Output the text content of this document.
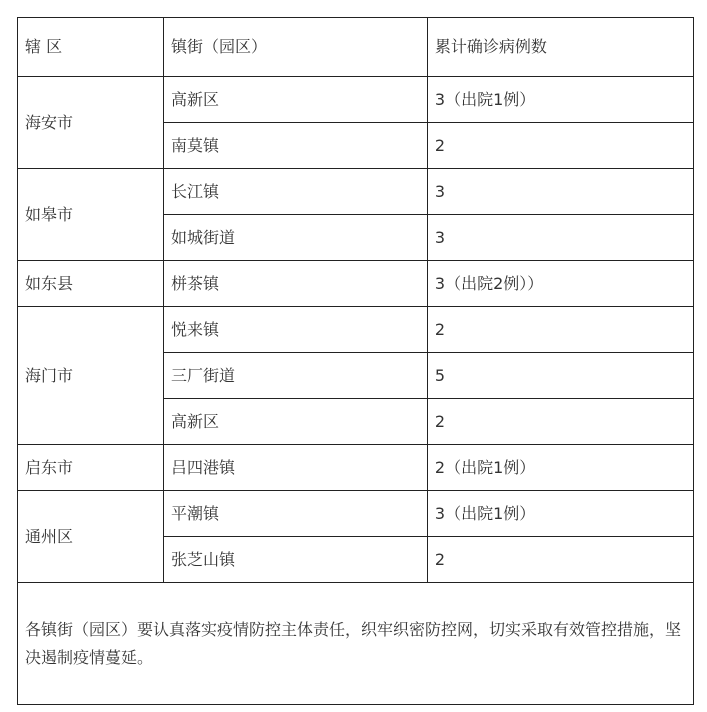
辖 区	镇街（园区）	累计确诊病例数
海安市	高新区	3（出院1例）
	南莫镇	2
如皋市	长江镇	3
	如城街道	3
如东县	栟茶镇	3（出院2例））
海门市	悦来镇	2
	三厂街道	5
	高新区	2
启东市	吕四港镇	2（出院1例）
通州区	平潮镇	3（出院1例）
	张芝山镇	2
各镇街（园区）要认真落实疫情防控主体责任，织牢织密防控网，切实采取有效管控措施，坚决遏制疫情蔓延。		
